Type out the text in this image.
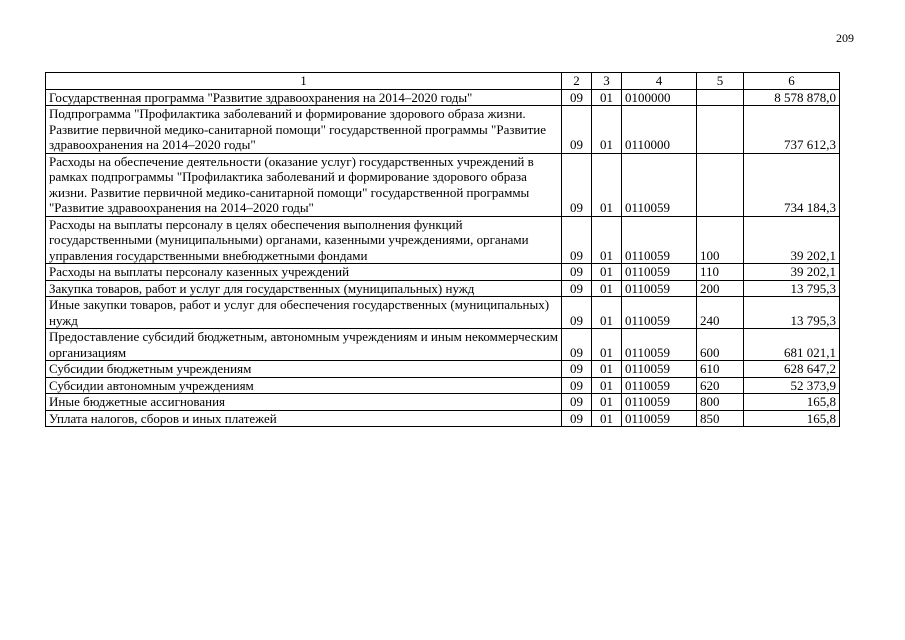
209
1	2	3	4	5	6
Государственная программа "Развитие здравоохранения на 2014–2020 годы"	09	01	0100000		8 578 878,0
Подпрограмма "Профилактика заболеваний и формирование здорового образа жизни. Развитие первичной медико-санитарной помощи" государственной программы "Развитие здравоохранения на 2014–2020 годы"	09	01	0110000		737 612,3
Расходы на обеспечение деятельности (оказание услуг) государственных учреждений в рамках подпрограммы "Профилактика заболеваний и формирование здорового образа жизни. Развитие первичной медико-санитарной помощи" государственной программы "Развитие здравоохранения на 2014–2020 годы"	09	01	0110059		734 184,3
Расходы на выплаты персоналу в целях обеспечения выполнения функций государственными (муниципальными) органами, казенными учреждениями, органами управления государственными внебюджетными фондами	09	01	0110059	100	39 202,1
Расходы на выплаты персоналу казенных учреждений	09	01	0110059	110	39 202,1
Закупка товаров, работ и услуг для государственных (муниципальных) нужд	09	01	0110059	200	13 795,3
Иные закупки товаров, работ и услуг для обеспечения государственных (муниципальных) нужд	09	01	0110059	240	13 795,3
Предоставление субсидий бюджетным, автономным учреждениям и иным некоммерческим организациям	09	01	0110059	600	681 021,1
Субсидии бюджетным учреждениям	09	01	0110059	610	628 647,2
Субсидии автономным учреждениям	09	01	0110059	620	52 373,9
Иные бюджетные ассигнования	09	01	0110059	800	165,8
Уплата налогов, сборов и иных платежей	09	01	0110059	850	165,8
